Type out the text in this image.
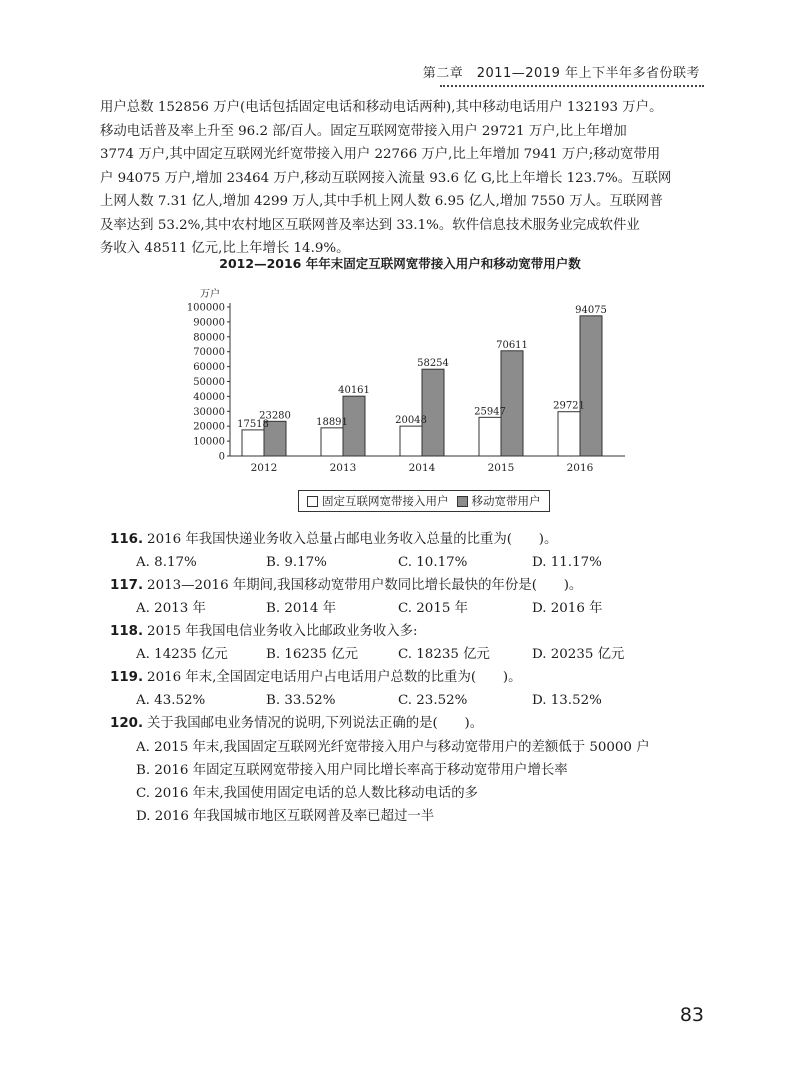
第二章　2011—2019 年上下半年多省份联考

用户总数 152856 万户(电话包括固定电话和移动电话两种),其中移动电话用户 132193 万户。

移动电话普及率上升至 96.2 部/百人。固定互联网宽带接入用户 29721 万户,比上年增加

3774 万户,其中固定互联网光纤宽带接入用户 22766 万户,比上年增加 7941 万户;移动宽带用

户 94075 万户,增加 23464 万户,移动互联网接入流量 93.6 亿 G,比上年增长 123.7%。互联网

上网人数 7.31 亿人,增加 4299 万人,其中手机上网人数 6.95 亿人,增加 7550 万人。互联网普

及率达到 53.2%,其中农村地区互联网普及率达到 33.1%。软件信息技术服务业完成软件业

务收入 48511 亿元,比上年增长 14.9%。

2012—2016 年年末固定互联网宽带接入用户和移动宽带用户数
万户
0
10000
20000
30000
40000
50000
60000
70000
80000
90000
100000
17518
23280
2012
18891
40161
2013
20048
58254
2014
25947
70611
2015
29721
94075
2016
固定互联网宽带接入用户 移动宽带用户
116. 2016 年我国快递业务收入总量占邮电业务收入总量的比重为(　　)。
A. 8.17%	B. 9.17%	C. 10.17%	D. 11.17%
117. 2013—2016 年期间,我国移动宽带用户数同比增长最快的年份是(　　)。
A. 2013 年	B. 2014 年	C. 2015 年	D. 2016 年
118. 2015 年我国电信业务收入比邮政业务收入多:
A. 14235 亿元	B. 16235 亿元	C. 18235 亿元	D. 20235 亿元
119. 2016 年末,全国固定电话用户占电话用户总数的比重为(　　)。
A. 43.52%	B. 33.52%	C. 23.52%	D. 13.52%
120. 关于我国邮电业务情况的说明,下列说法正确的是(　　)。
A. 2015 年末,我国固定互联网光纤宽带接入用户与移动宽带用户的差额低于 50000 户
B. 2016 年固定互联网宽带接入用户同比增长率高于移动宽带用户增长率
C. 2016 年末,我国使用固定电话的总人数比移动电话的多
D. 2016 年我国城市地区互联网普及率已超过一半
83
